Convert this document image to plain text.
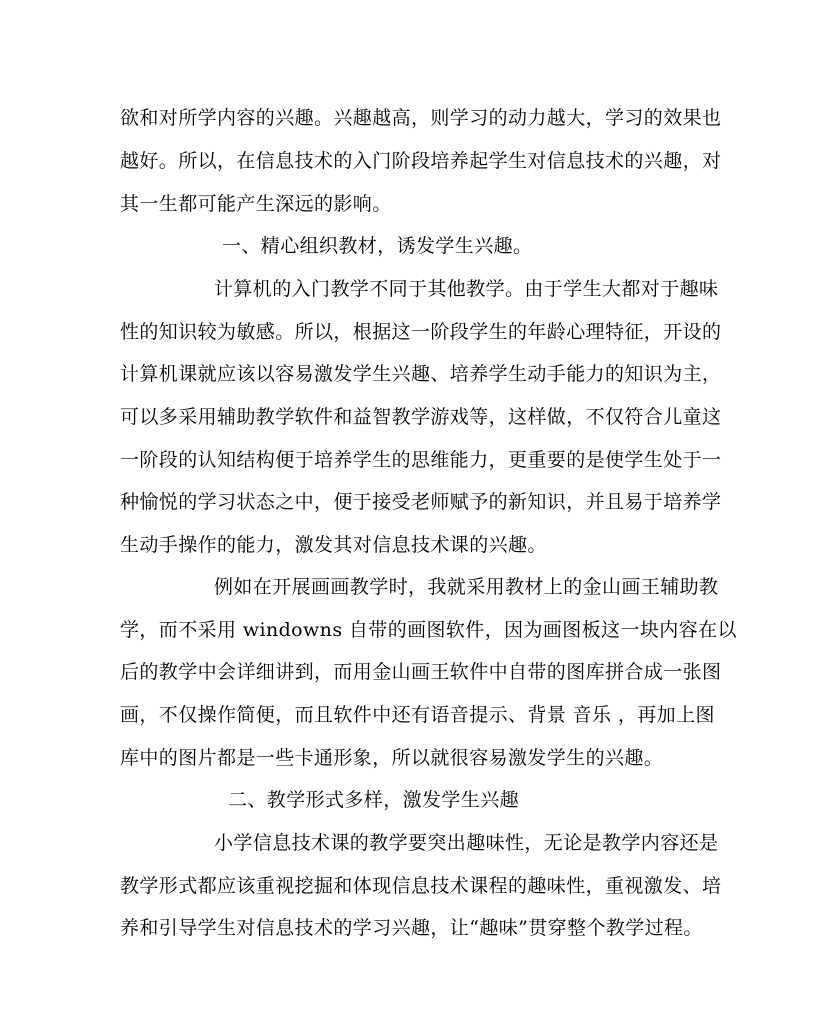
欲和对所学内容的兴趣。兴趣越高，则学习的动力越大，学习的效果也
越好。所以，在信息技术的入门阶段培养起学生对信息技术的兴趣，对
其一生都可能产生深远的影响。
一、精心组织教材，诱发学生兴趣。
计算机的入门教学不同于其他教学。由于学生大都对于趣味
性的知识较为敏感。所以，根据这一阶段学生的年龄心理特征，开设的
计算机课就应该以容易激发学生兴趣、培养学生动手能力的知识为主，
可以多采用辅助教学软件和益智教学游戏等，这样做，不仅符合儿童这
一阶段的认知结构便于培养学生的思维能力，更重要的是使学生处于一
种愉悦的学习状态之中，便于接受老师赋予的新知识，并且易于培养学
生动手操作的能力，激发其对信息技术课的兴趣。
例如在开展画画教学时，我就采用教材上的金山画王辅助教
学，而不采用 windowns 自带的画图软件，因为画图板这一块内容在以
后的教学中会详细讲到，而用金山画王软件中自带的图库拼合成一张图
画，不仅操作简便，而且软件中还有语音提示、背景 音乐 ，再加上图
库中的图片都是一些卡通形象，所以就很容易激发学生的兴趣。
二、教学形式多样，激发学生兴趣
小学信息技术课的教学要突出趣味性，无论是教学内容还是
教学形式都应该重视挖掘和体现信息技术课程的趣味性，重视激发、培
养和引导学生对信息技术的学习兴趣，让“趣味”贯穿整个教学过程。
